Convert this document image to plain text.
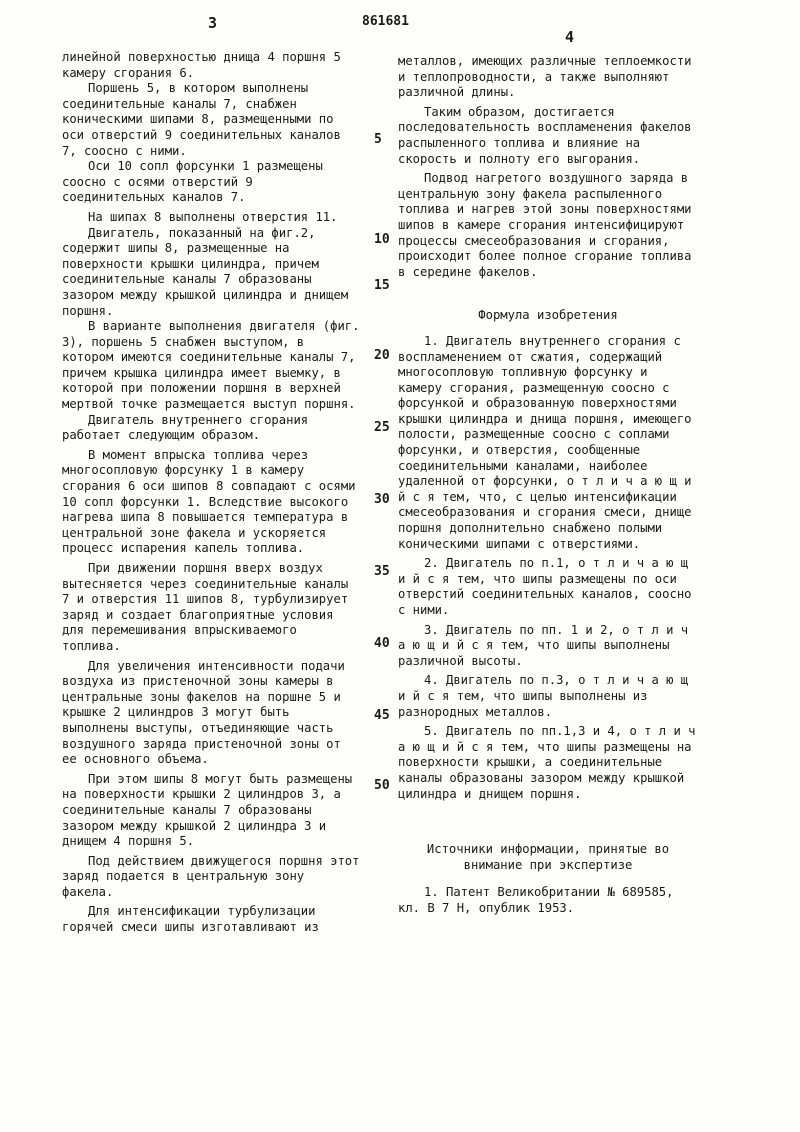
3	861681
4

линейной поверхностью днища 4 поршня 5 камеру сгорания 6.

Поршень 5, в котором выполнены соединительные каналы 7, снабжен коническими шипами 8, размещенными по оси отверстий 9 соединительных каналов 7, соосно с ними.

Оси 10 сопл форсунки 1 размещены соосно с осями отверстий 9 соединительных каналов 7.

На шипах 8 выполнены отверстия 11.

Двигатель, показанный на фиг.2, содержит шипы 8, размещенные на поверхности крышки цилиндра, причем соединительные каналы 7 образованы зазором между крышкой цилиндра и днищем поршня.

В варианте выполнения двигателя (фиг. 3), поршень 5 снабжен выступом, в котором имеются соединительные каналы 7, причем крышка цилиндра имеет выемку, в которой при положении поршня в верхней мертвой точке размещается выступ поршня.

Двигатель внутреннего сгорания работает следующим образом.

В момент впрыска топлива через многосопловую форсунку 1 в камеру сгорания 6 оси шипов 8 совпадают с осями 10 сопл форсунки 1. Вследствие высокого нагрева шипа 8 повышается температура в центральной зоне факела и ускоряется процесс испарения капель топлива.

При движении поршня вверх воздух вытесняется через соединительные каналы 7 и отверстия 11 шипов 8, турбулизирует заряд и создает благоприятные условия для перемешивания впрыскиваемого топлива.

Для увеличения интенсивности подачи воздуха из пристеночной зоны камеры в центральные зоны факелов на поршне 5 и крышке 2 цилиндров 3 могут быть выполнены выступы, отъединяющие часть воздушного заряда пристеночной зоны от ее основного объема.

При этом шипы 8 могут быть размещены на поверхности крышки 2 цилиндров 3, а соединительные каналы 7 образованы зазором между крышкой 2 цилиндра 3 и днищем 4 поршня 5.

Под действием движущегося поршня этот заряд подается в центральную зону факела.

Для интенсификации турбулизации горячей смеси шипы изготавливают из

металлов, имеющих различные теплоемкости и теплопроводности, а также выполняют различной длины.

Таким образом, достигается последовательность воспламенения факелов распыленного топлива и влияние на скорость и полноту его выгорания.

Подвод нагретого воздушного заряда в центральную зону факела распыленного топлива и нагрев этой зоны поверхностями шипов в камере сгорания интенсифицируют процессы смесеобразования и сгорания, происходит более полное сгорание топлива в середине факелов.

Формула изобретения

1. Двигатель внутреннего сгорания с воспламенением от сжатия, содержащий многосопловую топливную форсунку и камеру сгорания, размещенную соосно с форсункой и образованную поверхностями крышки цилиндра и днища поршня, имеющего полости, размещенные соосно с соплами форсунки, и отверстия, сообщенные соединительными каналами, наиболее удаленной от форсунки, о т л и ч а ю щ и й с я тем, что, с целью интенсификации смесеобразования и сгорания смеси, днище поршня дополнительно снабжено полыми коническими шипами с отверстиями.

2. Двигатель по п.1, о т л и ч а ю щ и й с я тем, что шипы размещены по оси отверстий соединительных каналов, соосно с ними.

3. Двигатель по пп. 1 и 2, о т л и ч а ю щ и й с я тем, что шипы выполнены различной высоты.

4. Двигатель по п.3, о т л и ч а ю щ и й с я тем, что шипы выполнены из разнородных металлов.

5. Двигатель по пп.1,3 и 4, о т л и ч а ю щ и й с я тем, что шипы размещены на поверхности крышки, а соединительные каналы образованы зазором между крышкой цилиндра и днищем поршня.

Источники информации, принятые во внимание при экспертизе

1. Патент Великобритании № 689585, кл. В 7 Н, опублик 1953.

5
10
15
20
25
30
35
40
45
50
